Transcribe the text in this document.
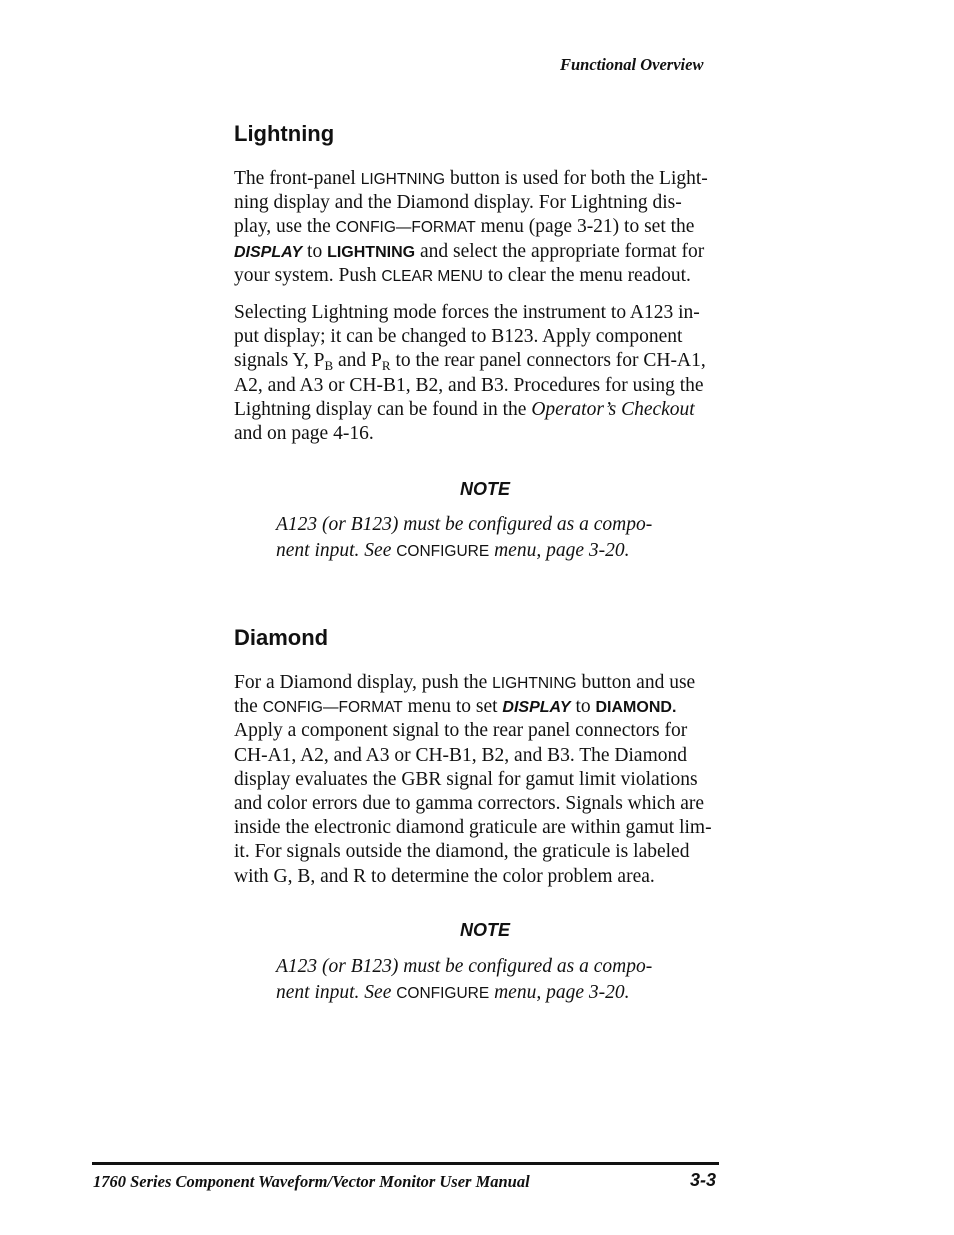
Functional Overview
Lightning
The front-panel LIGHTNING button is used for both the Light-
ning display and the Diamond display. For Lightning dis-
play, use the CONFIG—FORMAT menu (page 3-21) to set the
DISPLAY to LIGHTNING and select the appropriate format for
your system. Push CLEAR MENU to clear the menu readout.
Selecting Lightning mode forces the instrument to A123 in-
put display; it can be changed to B123. Apply component
signals Y, $P_B$ and $P_R$ to the rear panel connectors for CH-A1,
A2, and A3 or CH-B1, B2, and B3. Procedures for using the
Lightning display can be found in the Operator’s Checkout
and on page 4-16.
NOTE
A123 (or B123) must be configured as a compo-
nent input. See CONFIGURE menu, page 3-20.
Diamond
For a Diamond display, push the LIGHTNING button and use
the CONFIG—FORMAT menu to set DISPLAY to DIAMOND.
Apply a component signal to the rear panel connectors for
CH-A1, A2, and A3 or CH-B1, B2, and B3. The Diamond
display evaluates the GBR signal for gamut limit violations
and color errors due to gamma correctors. Signals which are
inside the electronic diamond graticule are within gamut lim-
it. For signals outside the diamond, the graticule is labeled
with G, B, and R to determine the color problem area.
NOTE
A123 (or B123) must be configured as a compo-
nent input. See CONFIGURE menu, page 3-20.
1760 Series Component Waveform/Vector Monitor User Manual	3-3
